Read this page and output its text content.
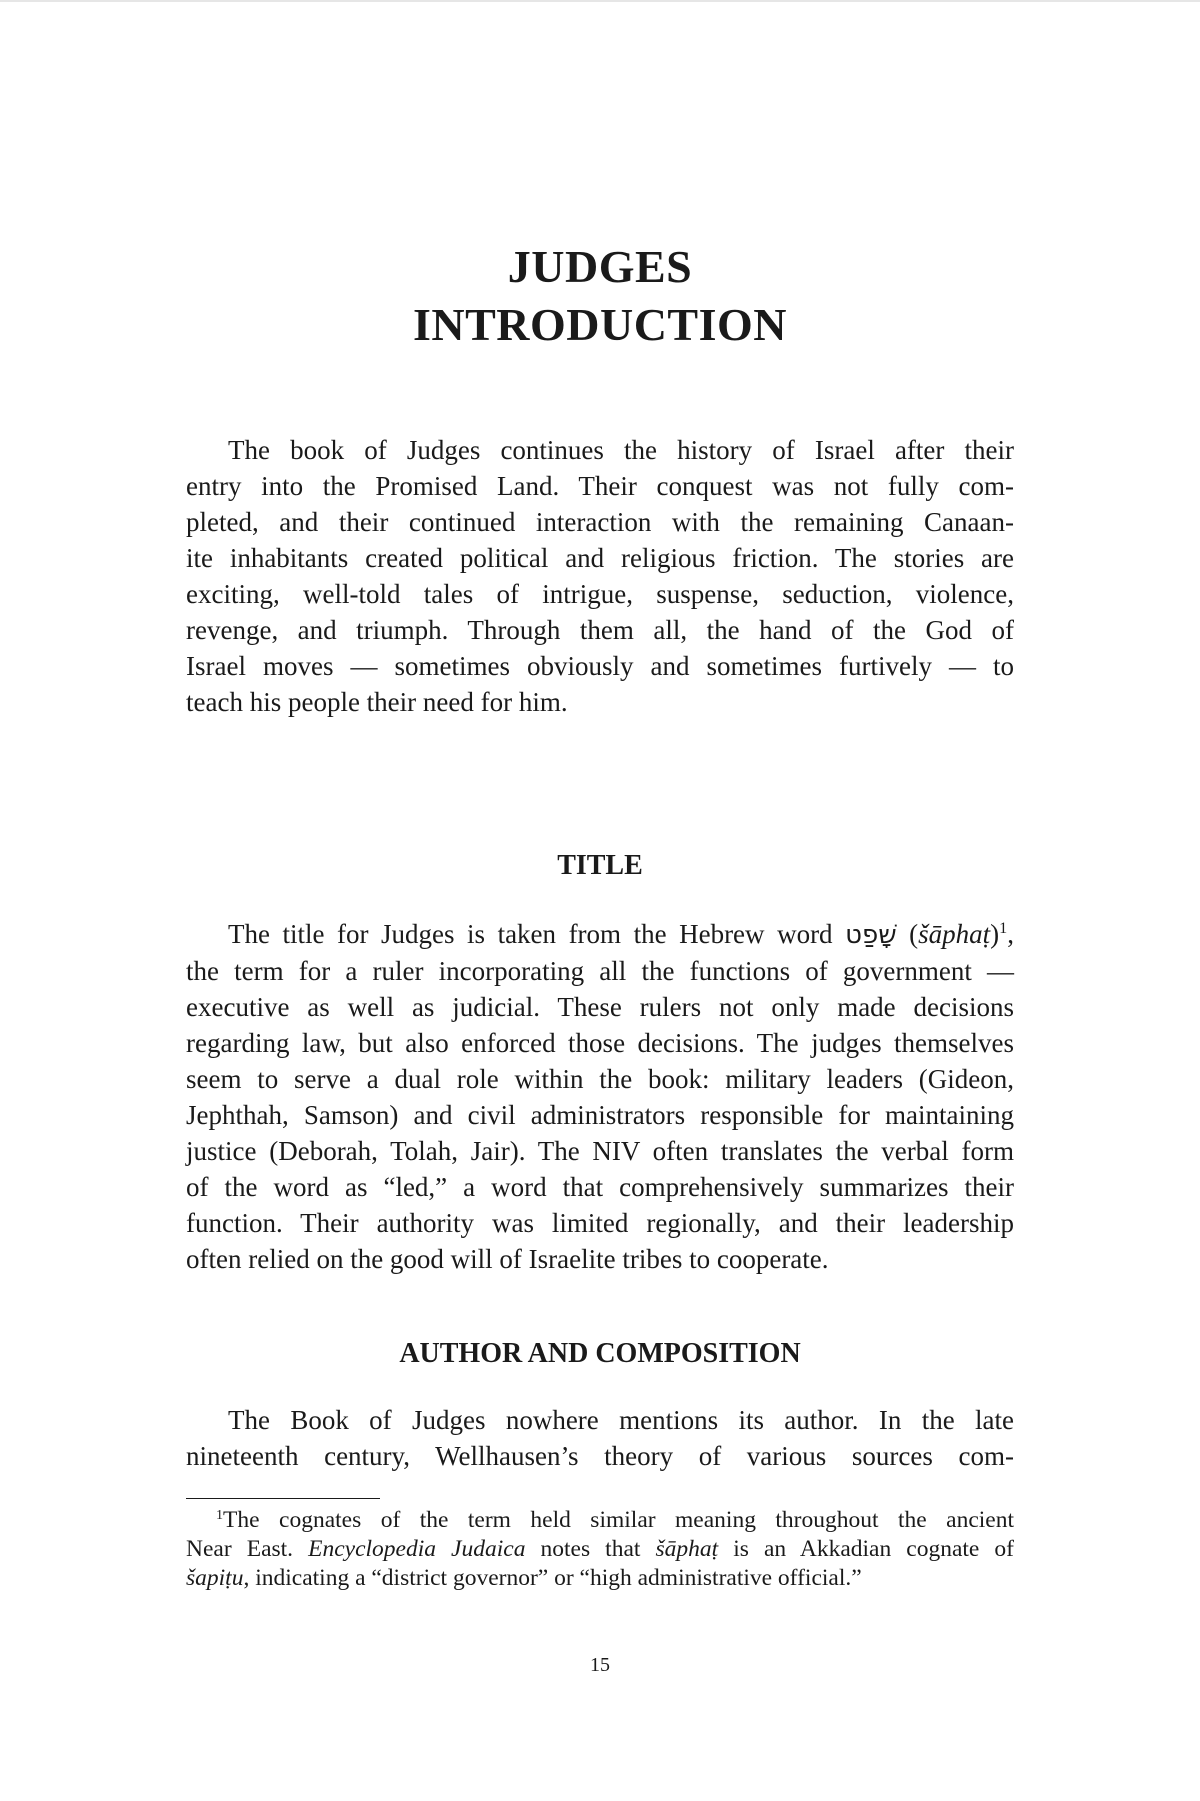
JUDGES
INTRODUCTION

The book of Judges continues the history of Israel after their
entry into the Promised Land. Their conquest was not fully com-
pleted, and their continued interaction with the remaining Canaan-
ite inhabitants created political and religious friction. The stories are
exciting, well-told tales of intrigue, suspense, seduction, violence,
revenge, and triumph. Through them all, the hand of the God of
Israel moves — sometimes obviously and sometimes furtively — to
teach his people their need for him.

TITLE

The title for Judges is taken from the Hebrew word שָׁפַט (šāphaṭ)$^1$,
the term for a ruler incorporating all the functions of government —
executive as well as judicial. These rulers not only made decisions
regarding law, but also enforced those decisions. The judges themselves
seem to serve a dual role within the book: military leaders (Gideon,
Jephthah, Samson) and civil administrators responsible for maintaining
justice (Deborah, Tolah, Jair). The NIV often translates the verbal form
of the word as “led,” a word that comprehensively summarizes their
function. Their authority was limited regionally, and their leadership
often relied on the good will of Israelite tribes to cooperate.

AUTHOR AND COMPOSITION

The Book of Judges nowhere mentions its author. In the late
nineteenth century, Wellhausen’s theory of various sources com-

$^1$The cognates of the term held similar meaning throughout the ancient
Near East. Encyclopedia Judaica notes that šāphaṭ is an Akkadian cognate of
šapiṭu, indicating a “district governor” or “high administrative official.”
15
